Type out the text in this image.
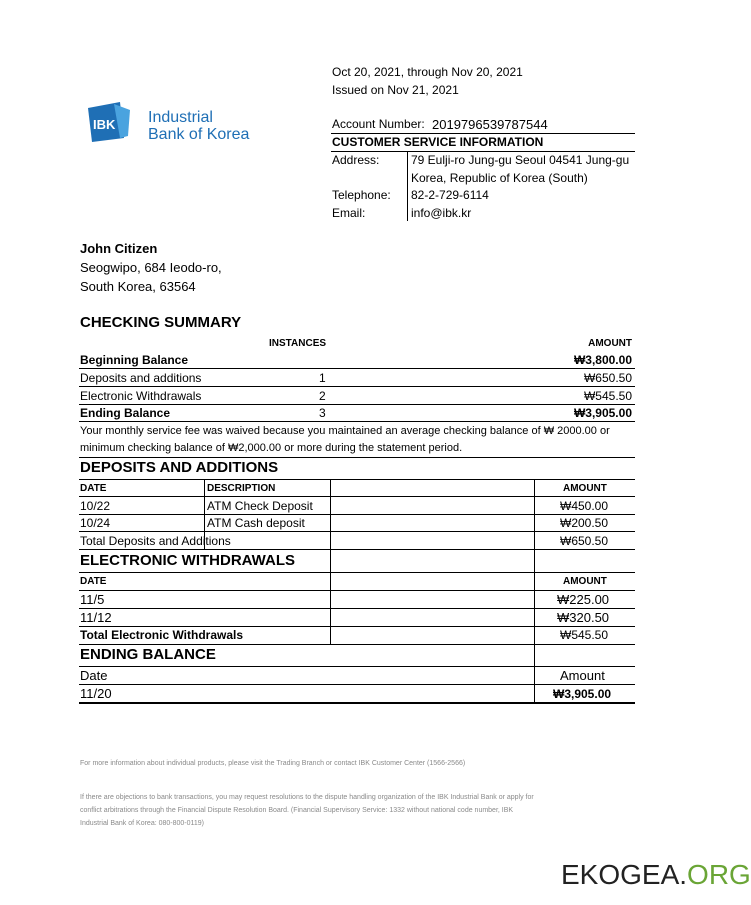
IBK Industrial
Bank of Korea
Oct 20, 2021, through Nov 20, 2021
Issued on Nov 21, 2021
Account Number: 2019796539787544
CUSTOMER SERVICE INFORMATION
Address:	79 Eulji-ro Jung-gu Seoul 04541 Jung-gu
Korea, Republic of Korea (South)
Telephone: 82-2-729-6114
Email:	info@ibk.kr
John Citizen
Seogwipo, 684 Ieodo-ro,
South Korea, 63564
CHECKING SUMMARY
INSTANCES	AMOUNT
Beginning Balance	₩3,800.00
Deposits and additions	1	₩650.50
Electronic Withdrawals	2	₩545.50
Ending Balance	3	₩3,905.00
Your monthly service fee was waived because you maintained an average checking balance of ₩ 2000.00 or
minimum checking balance of ₩2,000.00 or more during the statement period.
DEPOSITS AND ADDITIONS
DATE	DESCRIPTION	AMOUNT
10/22	ATM Check Deposit	₩450.00
10/24	ATM Cash deposit	₩200.50
Total Deposits and Additions	₩650.50
ELECTRONIC WITHDRAWALS
DATE	AMOUNT
11/5	₩225.00
11/12	₩320.50
Total Electronic Withdrawals	₩545.50
ENDING BALANCE
Date	Amount
11/20	₩3,905.00
For more information about individual products, please visit the Trading Branch or contact IBK Customer Center (1566-2566)
If there are objections to bank transactions, you may request resolutions to the dispute handling organization of the IBK Industrial Bank or apply for
conflict arbitrations through the Financial Dispute Resolution Board. (Financial Supervisory Service: 1332 without national code number, IBK
Industrial Bank of Korea: 080-800-0119)
EKOGEA.ORG
